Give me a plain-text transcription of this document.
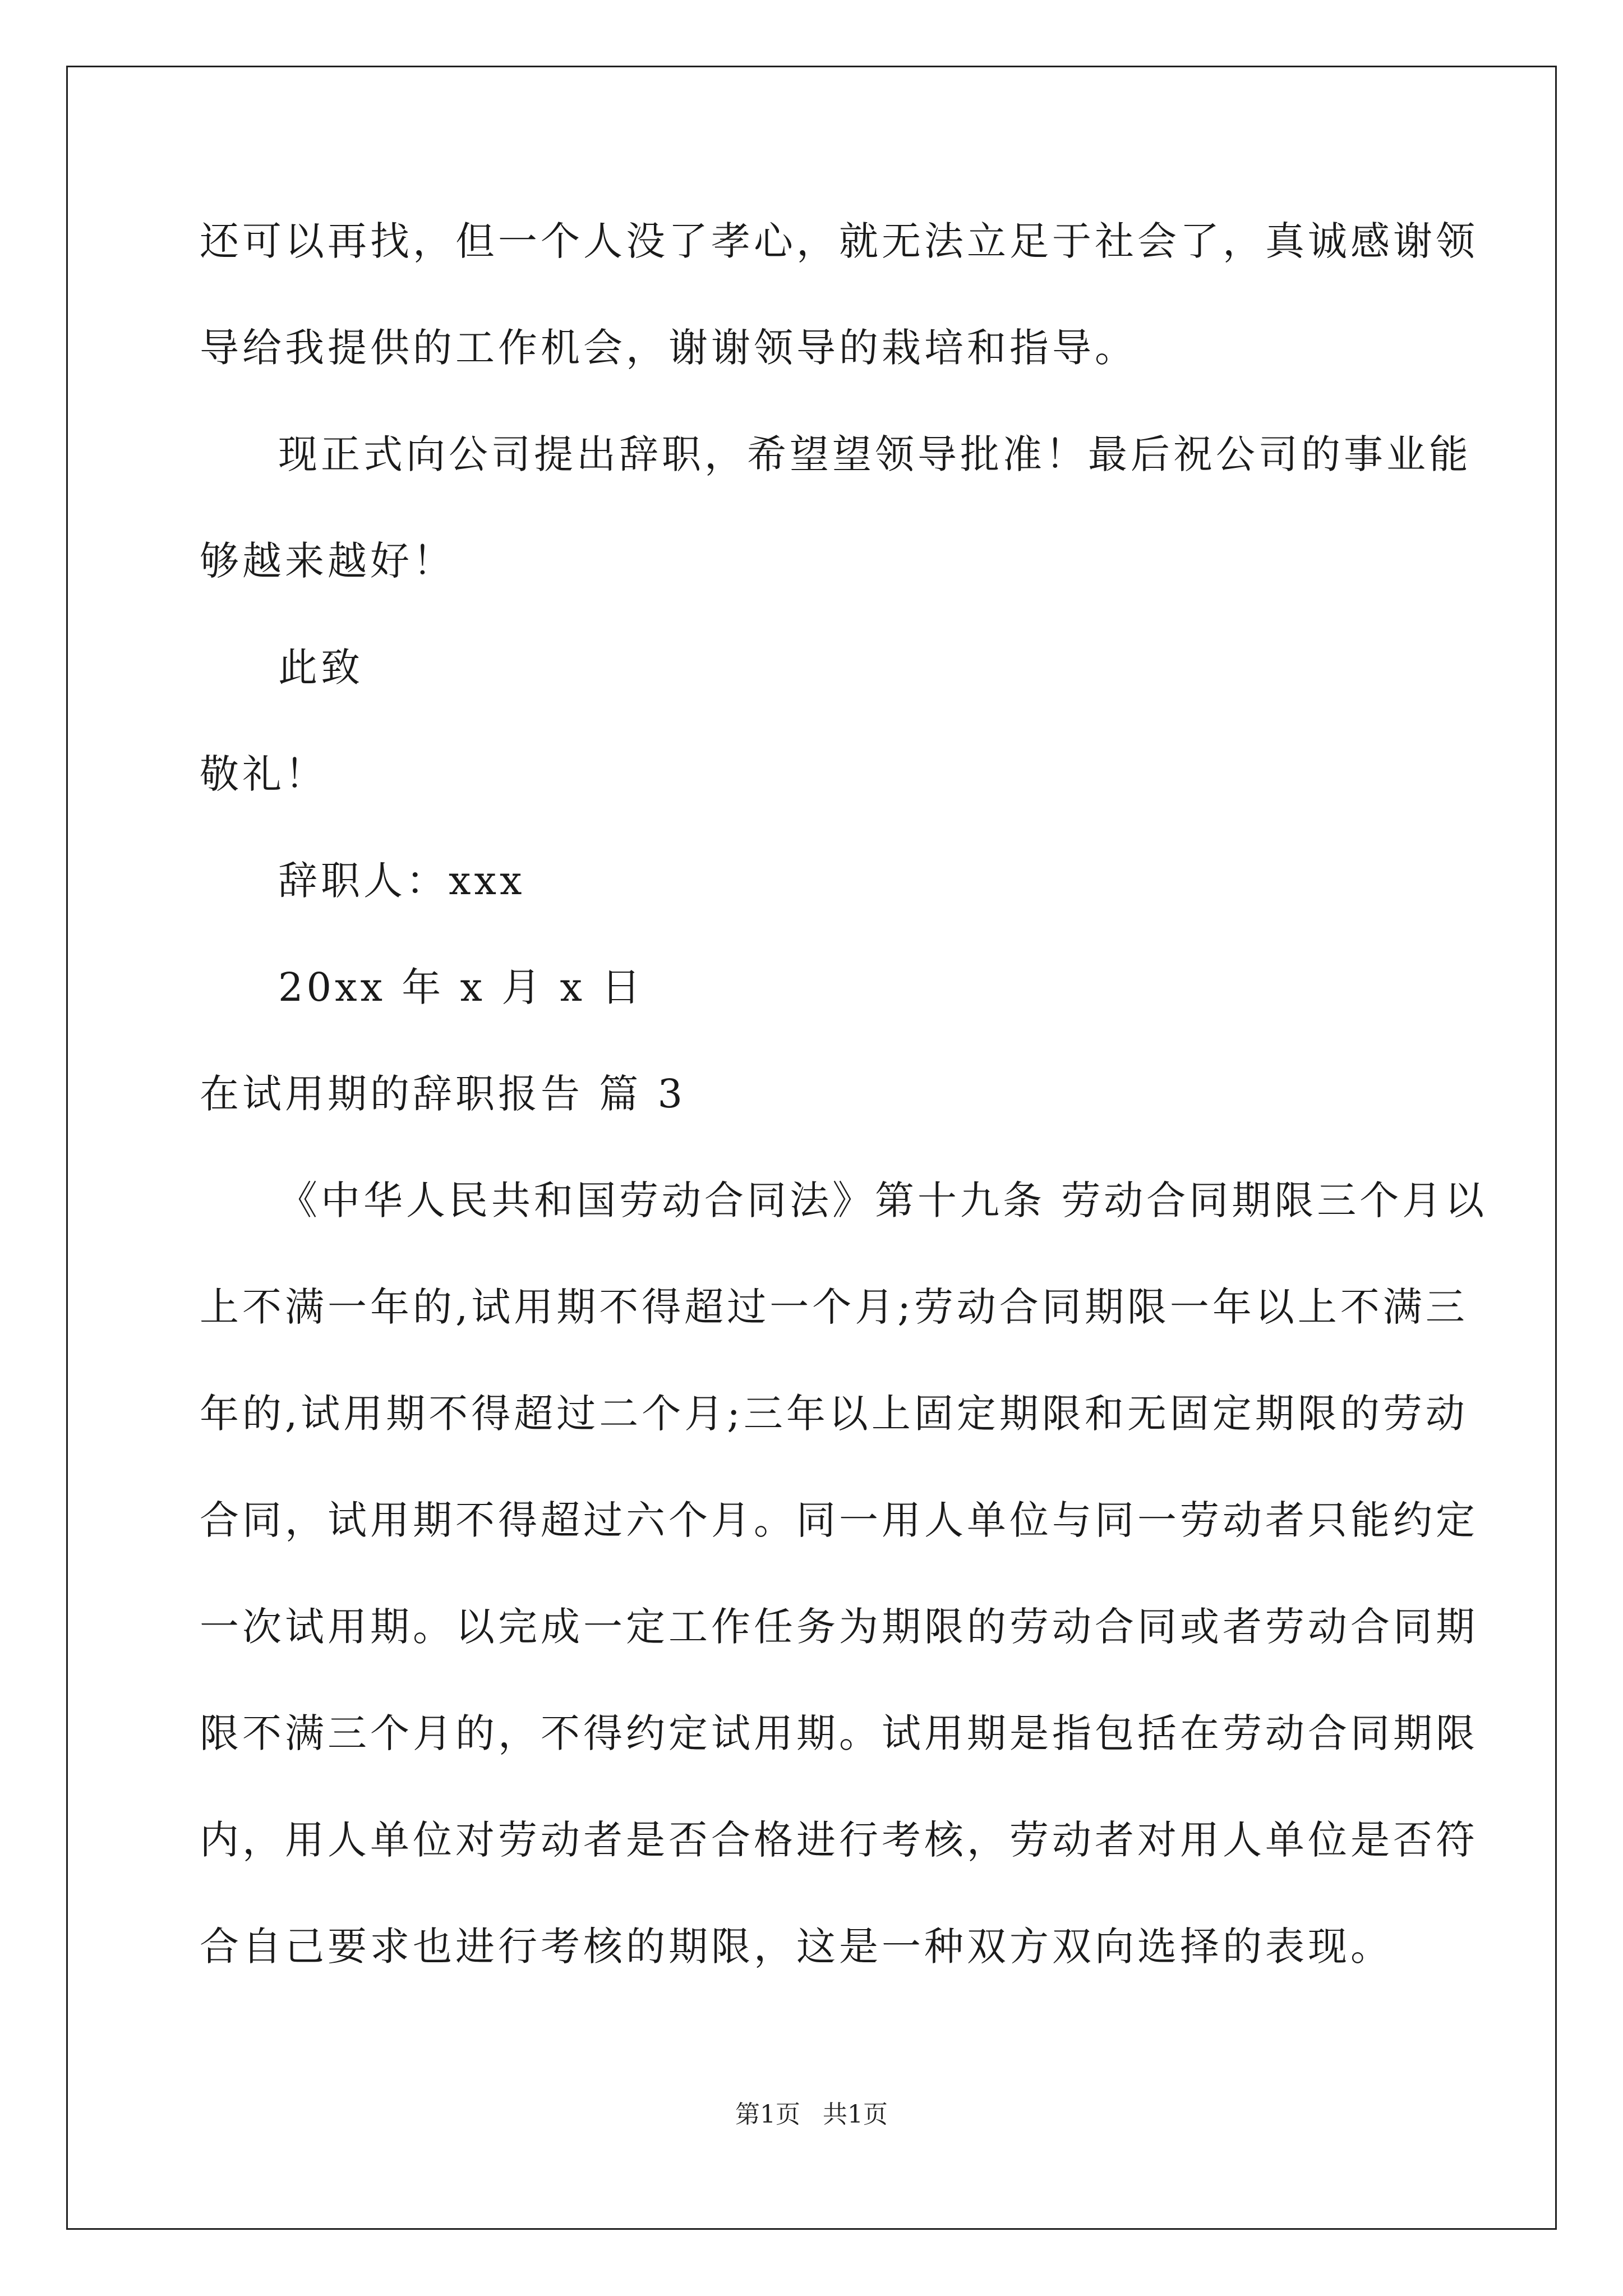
还可以再找，但一个人没了孝心，就无法立足于社会了，真诚感谢领
导给我提供的工作机会，谢谢领导的栽培和指导。
现正式向公司提出辞职，希望望领导批准！最后祝公司的事业能
够越来越好！
此致
敬礼！
辞职人：xxx
20xx 年 x 月 x 日
在试用期的辞职报告 篇 3
《中华人民共和国劳动合同法》第十九条 劳动合同期限三个月以
上不满一年的,试用期不得超过一个月;劳动合同期限一年以上不满三
年的,试用期不得超过二个月;三年以上固定期限和无固定期限的劳动
合同，试用期不得超过六个月。同一用人单位与同一劳动者只能约定
一次试用期。以完成一定工作任务为期限的劳动合同或者劳动合同期
限不满三个月的，不得约定试用期。试用期是指包括在劳动合同期限
内，用人单位对劳动者是否合格进行考核，劳动者对用人单位是否符
合自己要求也进行考核的期限，这是一种双方双向选择的表现。
第1页 共1页
